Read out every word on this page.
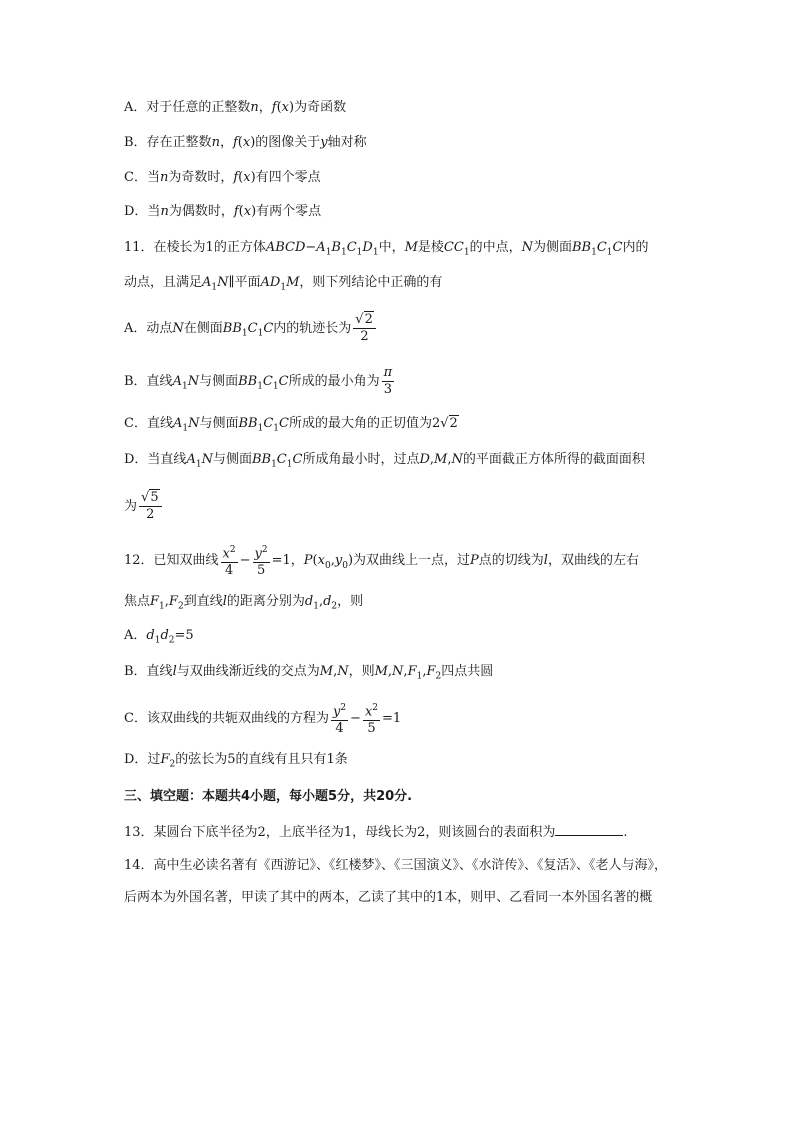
A．对于任意的正整数n，f(x)为奇函数
B．存在正整数n，f(x)的图像关于y轴对称
C．当n为奇数时，f(x)有四个零点
D．当n为偶数时，f(x)有两个零点
11．在棱长为1的正方体$ABCD-A_1B_1C_1D_1$中，M是棱$CC_1$的中点，N为侧面$BB_1C_1C$内的
动点，且满足$A_1N\parallel$平面$AD_1M$，则下列结论中正确的有
A．动点N在侧面$BB_1C_1C$内的轨迹长为 $\frac{√2}{2}$
B．直线$A_1N$与侧面$BB_1C_1C$所成的最小角为 $\frac{\pi}{3}$
C．直线$A_1N$与侧面$BB_1C_1C$所成的最大角的正切值为2√2
D．当直线$A_1N$与侧面$BB_1C_1C$所成角最小时，过点D,M,N的平面截正方体所得的截面面积
为 $\frac{√5}{2}$
12．已知双曲线 $\frac{x^2}{4} - \frac{y^2}{5} =1$，$P(x_0,y_0)$为双曲线上一点，过P点的切线为l，双曲线的左右
焦点$F_1,F_2$到直线l的距离分别为$d_1,d_2$，则
A．$d_1d_2=5$
B．直线l与双曲线渐近线的交点为M,N，则$M,N,F_1,F_2$四点共圆
C．该双曲线的共轭双曲线的方程为 $\frac{y^2}{4} - \frac{x^2}{5} =1$
D．过$F_2$的弦长为5的直线有且只有1条
三、填空题：本题共4小题，每小题5分，共20分.
13．某圆台下底半径为2，上底半径为1，母线长为2，则该圆台的表面积为	.
14．高中生必读名著有《西游记》、《红楼梦》、《三国演义》、《水浒传》、《复活》、《老人与海》，
后两本为外国名著，甲读了其中的两本，乙读了其中的1本，则甲、乙看同一本外国名著的概
